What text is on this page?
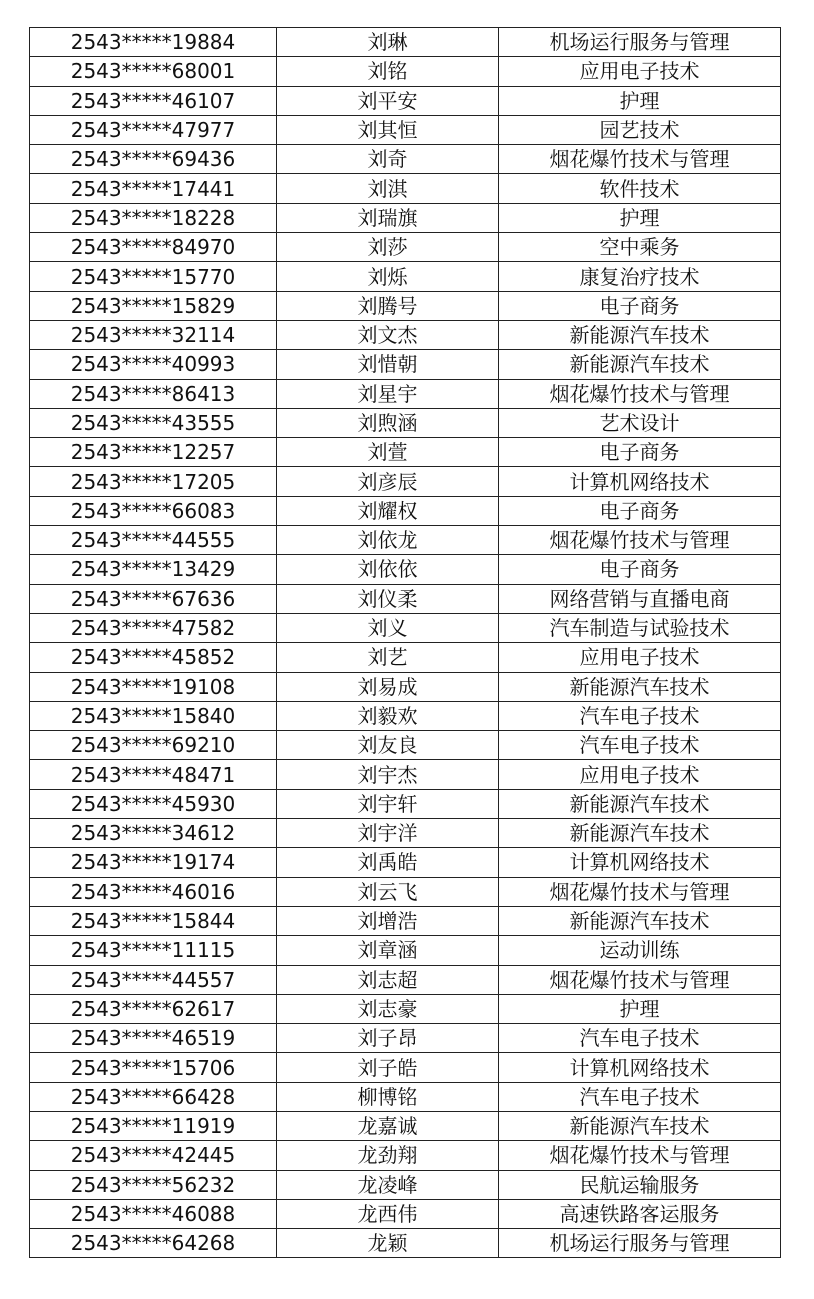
2543*****19884	刘琳	机场运行服务与管理
2543*****68001	刘铭	应用电子技术
2543*****46107	刘平安	护理
2543*****47977	刘其恒	园艺技术
2543*****69436	刘奇	烟花爆竹技术与管理
2543*****17441	刘淇	软件技术
2543*****18228	刘瑞旗	护理
2543*****84970	刘莎	空中乘务
2543*****15770	刘烁	康复治疗技术
2543*****15829	刘腾号	电子商务
2543*****32114	刘文杰	新能源汽车技术
2543*****40993	刘惜朝	新能源汽车技术
2543*****86413	刘星宇	烟花爆竹技术与管理
2543*****43555	刘煦涵	艺术设计
2543*****12257	刘萱	电子商务
2543*****17205	刘彦辰	计算机网络技术
2543*****66083	刘耀权	电子商务
2543*****44555	刘依龙	烟花爆竹技术与管理
2543*****13429	刘依依	电子商务
2543*****67636	刘仪柔	网络营销与直播电商
2543*****47582	刘义	汽车制造与试验技术
2543*****45852	刘艺	应用电子技术
2543*****19108	刘易成	新能源汽车技术
2543*****15840	刘毅欢	汽车电子技术
2543*****69210	刘友良	汽车电子技术
2543*****48471	刘宇杰	应用电子技术
2543*****45930	刘宇轩	新能源汽车技术
2543*****34612	刘宇洋	新能源汽车技术
2543*****19174	刘禹皓	计算机网络技术
2543*****46016	刘云飞	烟花爆竹技术与管理
2543*****15844	刘增浩	新能源汽车技术
2543*****11115	刘章涵	运动训练
2543*****44557	刘志超	烟花爆竹技术与管理
2543*****62617	刘志豪	护理
2543*****46519	刘子昂	汽车电子技术
2543*****15706	刘子皓	计算机网络技术
2543*****66428	柳博铭	汽车电子技术
2543*****11919	龙嘉诚	新能源汽车技术
2543*****42445	龙劲翔	烟花爆竹技术与管理
2543*****56232	龙凌峰	民航运输服务
2543*****46088	龙西伟	高速铁路客运服务
2543*****64268	龙颖	机场运行服务与管理
